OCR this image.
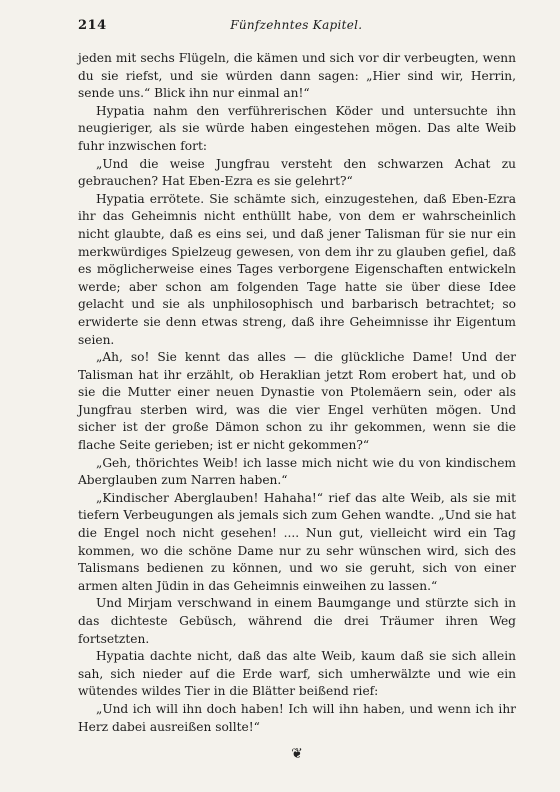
214	Fünfzehntes Kapitel.

jeden mit sechs Flügeln, die kämen und sich vor dir verbeugten, wenn du sie riefst, und sie würden dann sagen: „Hier sind wir, Herrin, sende uns.“ Blick ihn nur einmal an!“

Hypatia nahm den verführerischen Köder und untersuchte ihn neugieriger, als sie würde haben eingestehen mögen. Das alte Weib fuhr inzwischen fort:

„Und die weise Jungfrau versteht den schwarzen Achat zu gebrauchen? Hat Eben-Ezra es sie gelehrt?“

Hypatia errötete. Sie schämte sich, einzugestehen, daß Eben-Ezra ihr das Geheimnis nicht enthüllt habe, von dem er wahrscheinlich nicht glaubte, daß es eins sei, und daß jener Talisman für sie nur ein merkwürdiges Spielzeug gewesen, von dem ihr zu glauben gefiel, daß es möglicherweise eines Tages verborgene Eigenschaften entwickeln werde; aber schon am folgenden Tage hatte sie über diese Idee gelacht und sie als unphilosophisch und barbarisch betrachtet; so erwiderte sie denn etwas streng, daß ihre Geheimnisse ihr Eigentum seien.

„Ah, so! Sie kennt das alles — die glückliche Dame! Und der Talisman hat ihr erzählt, ob Heraklian jetzt Rom erobert hat, und ob sie die Mutter einer neuen Dynastie von Ptolemäern sein, oder als Jungfrau sterben wird, was die vier Engel verhüten mögen. Und sicher ist der große Dämon schon zu ihr gekommen, wenn sie die flache Seite gerieben; ist er nicht gekommen?“

„Geh, thörichtes Weib! ich lasse mich nicht wie du von kindischem Aberglauben zum Narren haben.“

„Kindischer Aberglauben! Hahaha!“ rief das alte Weib, als sie mit tiefern Verbeugungen als jemals sich zum Gehen wandte. „Und sie hat die Engel noch nicht gesehen! .... Nun gut, vielleicht wird ein Tag kommen, wo die schöne Dame nur zu sehr wünschen wird, sich des Talismans bedienen zu können, und wo sie geruht, sich von einer armen alten Jüdin in das Geheimnis einweihen zu lassen.“

Und Mirjam verschwand in einem Baumgange und stürzte sich in das dichteste Gebüsch, während die drei Träumer ihren Weg fortsetzten.

Hypatia dachte nicht, daß das alte Weib, kaum daß sie sich allein sah, sich nieder auf die Erde warf, sich umherwälzte und wie ein wütendes wildes Tier in die Blätter beißend rief:

„Und ich will ihn doch haben! Ich will ihn haben, und wenn ich ihr Herz dabei ausreißen sollte!“

❦
